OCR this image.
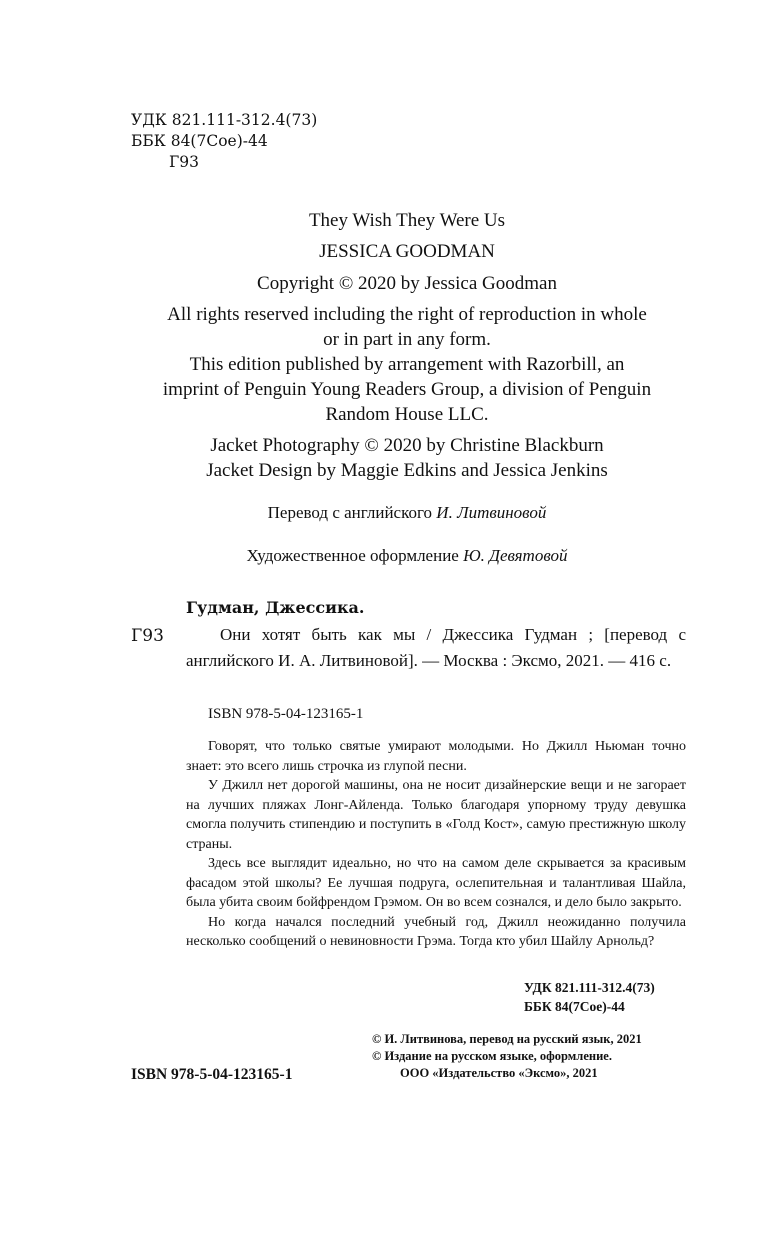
УДК 821.111-312.4(73)
ББК 84(7Сое)-44
Г93
They Wish They Were Us
JESSICA GOODMAN
Copyright © 2020 by Jessica Goodman
All rights reserved including the right of reproduction in whole
or in part in any form.
This edition published by arrangement with Razorbill, an
imprint of Penguin Young Readers Group, a division of Penguin
Random House LLC.
Jacket Photography © 2020 by Christine Blackburn
Jacket Design by Maggie Edkins and Jessica Jenkins
Перевод с английского И. Литвиновой
Художественное оформление Ю. Девятовой
Гудман, Джессика.
Г93	Они хотят быть как мы / Джессика Гудман ; [перевод с английского И. А. Литвиновой]. — Москва : Эксмо, 2021. — 416 с.
ISBN 978-5-04-123165-1

Говорят, что только святые умирают молодыми. Но Джилл Ньюман точно знает: это всего лишь строчка из глупой песни.

У Джилл нет дорогой машины, она не носит дизайнерские вещи и не загорает на лучших пляжах Лонг-Айленда. Только благодаря упорному труду девушка смогла получить стипендию и поступить в «Голд Кост», самую престижную школу страны.

Здесь все выглядит идеально, но что на самом деле скрывается за красивым фасадом этой школы? Ее лучшая подруга, ослепительная и талантливая Шайла, была убита своим бойфрендом Грэмом. Он во всем сознался, и дело было закрыто.

Но когда начался последний учебный год, Джилл неожиданно получила несколько сообщений о невиновности Грэма. Тогда кто убил Шайлу Арнольд?

УДК 821.111-312.4(73)
ББК 84(7Сое)-44
© И. Литвинова, перевод на русский язык, 2021
© Издание на русском языке, оформление.
ООО «Издательство «Эксмо», 2021
ISBN 978-5-04-123165-1
